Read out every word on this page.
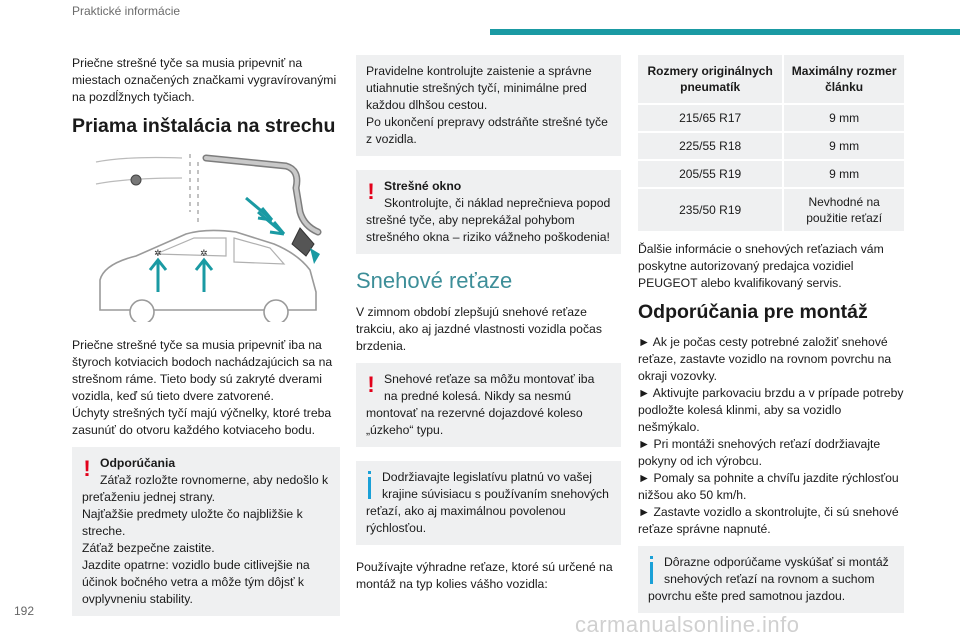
Praktické informácie

Priečne strešné tyče sa musia pripevniť na miestach označených značkami vygravírovanými na pozdĺžnych tyčiach.

Priama inštalácia na strechu
✲	✲

Priečne strešné tyče sa musia pripevniť iba na štyroch kotviacich bodoch nachádzajúcich sa na strešnom ráme. Tieto body sú zakryté dverami vozidla, keď sú tieto dvere zatvorené.

Úchyty strešných tyčí majú výčnelky, ktoré treba zasunúť do otvoru každého kotviaceho bodu.

! Odporúčania
Záťaž rozložte rovnomerne, aby nedošlo k preťaženiu jednej strany.
Najťažšie predmety uložte čo najbližšie k streche.
Záťaž bezpečne zaistite.
Jazdite opatrne: vozidlo bude citlivejšie na účinok bočného vetra a môže tým dôjsť k ovplyvneniu stability.
Pravidelne kontrolujte zaistenie a správne utiahnutie strešných tyčí, minimálne pred každou dlhšou cestou.
Po ukončení prepravy odstráňte strešné tyče z vozidla.
! Strešné okno
Skontrolujte, či náklad neprečnieva popod strešné tyče, aby neprekážal pohybom strešného okna – riziko vážneho poškodenia!
Snehové reťaze

V zimnom období zlepšujú snehové reťaze trakciu, ako aj jazdné vlastnosti vozidla počas brzdenia.

! Snehové reťaze sa môžu montovať iba na predné kolesá. Nikdy sa nesmú montovať na rezervné dojazdové koleso „úzkeho“ typu.
Dodržiavajte legislatívu platnú vo vašej krajine súvisiacu s používaním snehových reťazí, ako aj maximálnou povolenou rýchlosťou.

Používajte výhradne reťaze, ktoré sú určené na montáž na typ kolies vášho vozidla:

Rozmery originálnych pneumatík	Maximálny rozmer článku
215/65 R17	9 mm
225/55 R18	9 mm
205/55 R19	9 mm
235/50 R19	Nevhodné na použitie reťazí

Ďalšie informácie o snehových reťaziach vám poskytne autorizovaný predajca vozidiel PEUGEOT alebo kvalifikovaný servis.

Odporúčania pre montáž

► Ak je počas cesty potrebné založiť snehové reťaze, zastavte vozidlo na rovnom povrchu na okraji vozovky.

► Aktivujte parkovaciu brzdu a v prípade potreby podložte kolesá klinmi, aby sa vozidlo nešmýkalo.

► Pri montáži snehových reťazí dodržiavajte pokyny od ich výrobcu.

► Pomaly sa pohnite a chvíľu jazdite rýchlosťou nižšou ako 50 km/h.

► Zastavte vozidlo a skontrolujte, či sú snehové reťaze správne napnuté.

Dôrazne odporúčame vyskúšať si montáž snehových reťazí na rovnom a suchom povrchu ešte pred samotnou jazdou.
192
carmanualsonline.info
